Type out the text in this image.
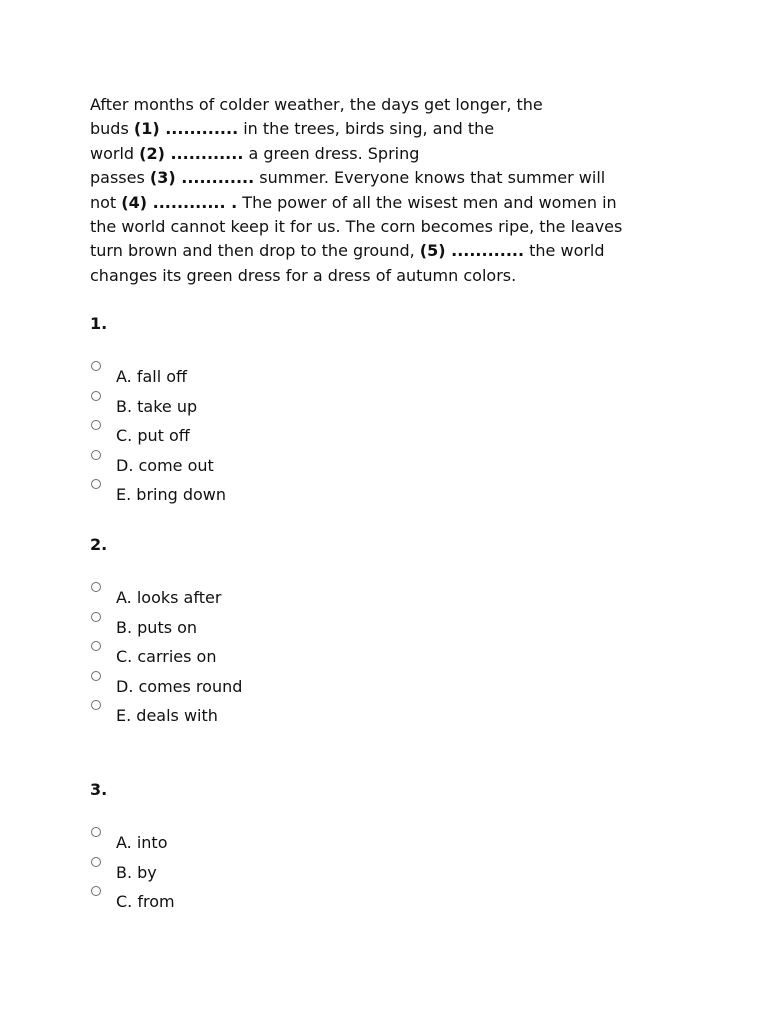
After months of colder weather, the days get longer, the
buds (1) ............ in the trees, birds sing, and the
world (2) ............ a green dress. Spring
passes (3) ............ summer. Everyone knows that summer will
not (4) ............ . The power of all the wisest men and women in
the world cannot keep it for us. The corn becomes ripe, the leaves
turn brown and then drop to the ground, (5) ............ the world
changes its green dress for a dress of autumn colors.
1.
A. fall off
B. take up
C. put off
D. come out
E. bring down
2.
A. looks after
B. puts on
C. carries on
D. comes round
E. deals with
3.
A. into
B. by
C. from
